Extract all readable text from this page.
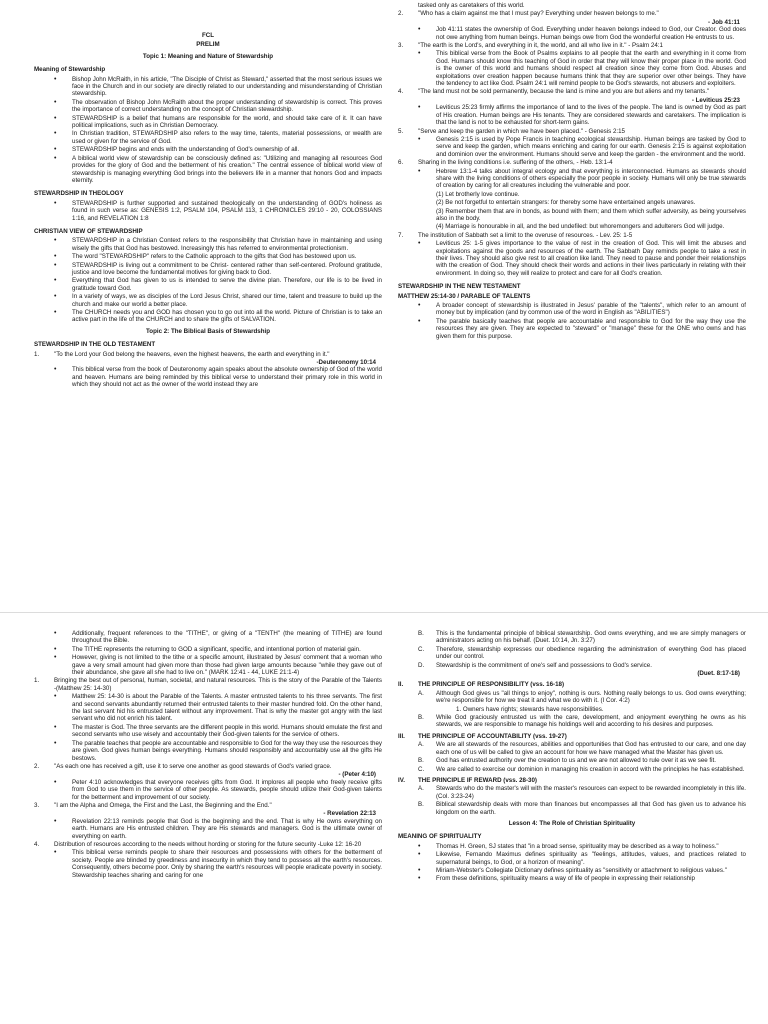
FCL
PRELIM
Topic 1: Meaning and Nature of Stewardship
Meaning of Stewardship
• Bishop John McRaith, in his article, "The Disciple of Christ as Steward," asserted that the most serious issues we face in the Church and in our society are directly related to our understanding and misunderstanding of Christian stewardship.
• The observation of Bishop John McRaith about the proper understanding of stewardship is correct. This proves the importance of correct understanding on the concept of Christian stewardship.
• STEWARDSHIP is a belief that humans are responsible for the world, and should take care of it. It can have political implications, such as in Christian Democracy.
• In Christian tradition, STEWARDSHIP also refers to the way time, talents, material possessions, or wealth are used or given for the service of God.
• STEWARDSHIP begins and ends with the understanding of God's ownership of all.
• A biblical world view of stewardship can be consciously defined as: "Utilizing and managing all resources God provides for the glory of God and the betterment of his creation." The central essence of biblical world view of stewardship is managing everything God brings into the believers life in a manner that honors God and impacts eternity.
STEWARDSHIP IN THEOLOGY
• STEWARDSHIP is further supported and sustained theologically on the understanding of GOD's holiness as found in such verse as: GENESIS 1:2, PSALM 104, PSALM 113, 1 CHRONICLES 29:10 - 20, COLOSSIANS 1:16, and REVELATION 1:8
CHRISTIAN VIEW OF STEWARDSHIP
• STEWARDSHIP in a Christian Context refers to the responsibility that Christian have in maintaining and using wisely the gifts that God has bestowed. Increasingly this has referred to environmental protectionism.
• The word "STEWARDSHIP" refers to the Catholic approach to the gifts that God has bestowed upon us.
• STEWARDSHIP is living out a commitment to be Christ- centered rather than self-centered. Profound gratitude, justice and love become the fundamental motives for giving back to God.
• Everything that God has given to us is intended to serve the divine plan. Therefore, our life is to be lived in gratitude toward God.
• In a variety of ways, we as disciples of the Lord Jesus Christ, shared our time, talent and treasure to build up the church and make our world a better place.
• The CHURCH needs you and GOD has chosen you to go out into all the world. Picture of Christian is to take an active part in the life of the CHURCH and to share the gifts of SALVATION.
Topic 2: The Biblical Basis of Stewardship
STEWARDSHIP IN THE OLD TESTAMENT
1. "To the Lord your God belong the heavens, even the highest heavens, the earth and everything in it."
-Deuteronomy 10:14
• This biblical verse from the book of Deuteronomy again speaks about the absolute ownership of God of the world and heaven. Humans are being reminded by this biblical verse to understand their primary role in this world in which they should not act as the owner of the world instead they are
tasked only as caretakers of this world.
2. "Who has a claim against me that I must pay? Everything under heaven belongs to me."
- Job 41:11
• Job 41:11 states the ownership of God. Everything under heaven belongs indeed to God, our Creator. God does not owe anything from human beings. Human beings owe from God the wonderful creation He entrusts to us.
3. "The earth is the Lord's, and everything in it, the world, and all who live in it." - Psalm 24:1
• This biblical verse from the Book of Psalms explains to all people that the earth and everything in it come from God. Humans should know this teaching of God in order that they will know their proper place in the world. God is the owner of this world and humans should respect all creation since they come from God. Abuses and exploitations over creation happen because humans think that they are superior over other beings. They have the tendency to act like God. Psalm 24:1 will remind people to be God's stewards, not abusers and exploiters.
4. "The land must not be sold permanently, because the land is mine and you are but aliens and my tenants."
- Leviticus 25:23
• Leviticus 25:23 firmly affirms the importance of land to the lives of the people. The land is owned by God as part of His creation. Human beings are His tenants. They are considered stewards and caretakers. The implication is that the land is not to be exhausted for short-term gains.
5. "Serve and keep the garden in which we have been placed." - Genesis 2:15
• Genesis 2:15 is used by Pope Francis in teaching ecological stewardship. Human beings are tasked by God to serve and keep the garden, which means enriching and caring for our earth. Genesis 2:15 is against exploitation and dominion over the environment. Humans should serve and keep the garden - the environment and the world.
6. Sharing in the living conditions i.e. suffering of the others, - Heb. 13:1-4
• Hebrew 13:1-4 talks about integral ecology and that everything is interconnected. Humans as stewards should share with the living conditions of others especially the poor people in society. Humans will only be true stewards of creation by caring for all creatures including the vulnerable and poor.
(1) Let brotherly love continue.
(2) Be not forgetful to entertain strangers: for thereby some have entertained angels unawares.
(3) Remember them that are in bonds, as bound with them; and them which suffer adversity, as being yourselves also in the body.
(4) Marriage is honourable in all, and the bed undefiled: but whoremongers and adulterers God will judge.
7. The institution of Sabbath set a limit to the overuse of resources. - Lev. 25: 1-5
• Leviticus 25: 1-5 gives importance to the value of rest in the creation of God. This will limit the abuses and exploitations against the goods and resources of the earth. The Sabbath Day reminds people to take a rest in their lives. They should also give rest to all creation like land. They need to pause and ponder their relationships with the creation of God. They should check their words and actions in their lives particularly in relating with their environment. In doing so, they will realize to protect and care for all God's creation.
STEWARDSHIP IN THE NEW TESTAMENT
MATTHEW 25:14-30 / PARABLE OF TALENTS
• A broader concept of stewardship is illustrated in Jesus' parable of the "talents", which refer to an amount of money but by implication (and by common use of the word in English as "ABILITIES")
• The parable basically teaches that people are accountable and responsible to God for the way they use the resources they are given. They are expected to "steward" or "manage" these for the ONE who owns and has given them for this purpose.
• Additionally, frequent references to the "TITHE", or giving of a "TENTH" (the meaning of TITHE) are found throughout the Bible.
• The TITHE represents the returning to GOD a significant, specific, and intentional portion of material gain.
• However, giving is not limited to the tithe or a specific amount, illustrated by Jesus' comment that a woman who gave a very small amount had given more than those had given large amounts because "while they gave out of their abundance, she gave all she had to live on." (MARK 12:41 - 44, LUKE 21:1-4)
1. Bringing the best out of personal, human, societal, and natural resources. This is the story of the Parable of the Talents -(Matthew 25: 14-30)
• Matthew 25: 14-30 is about the Parable of the Talents. A master entrusted talents to his three servants. The first and second servants abundantly returned their entrusted talents to their master hundred fold. On the other hand, the last servant hid his entrusted talent without any improvement. That is why the master got angry with the last servant who did not enrich his talent.
• The master is God. The three servants are the different people in this world. Humans should emulate the first and second servants who use wisely and accountably their God-given talents for the service of others.
• The parable teaches that people are accountable and responsible to God for the way they use the resources they are given. God gives human beings everything. Humans should responsibly and accountably use all the gifts He bestows.
2. "As each one has received a gift, use it to serve one another as good stewards of God's varied grace.
- (Peter 4:10)
• Peter 4:10 acknowledges that everyone receives gifts from God. It implores all people who freely receive gifts from God to use them in the service of other people. As stewards, people should utilize their God-given talents for the betterment and improvement of our society.
3. "I am the Alpha and Omega, the First and the Last, the Beginning and the End."
- Revelation 22:13
• Revelation 22:13 reminds people that God is the beginning and the end. That is why He owns everything on earth. Humans are His entrusted children. They are His stewards and managers. God is the ultimate owner of everything on earth.
4. Distribution of resources according to the needs without hording or storing for the future security -Luke 12: 16-20
• This biblical verse reminds people to share their resources and possessions with others for the betterment of society. People are blinded by greediness and insecurity in which they tend to possess all the earth's resources. Consequently, others become poor. Only by sharing the earth's resources will people eradicate poverty in society. Stewardship teaches sharing and caring for one
B. This is the fundamental principle of biblical stewardship. God owns everything, and we are simply managers or administrators acting on his behalf. (Duet. 10:14, Jn. 3:27)
C. Therefore, stewardship expresses our obedience regarding the administration of everything God has placed under our control.
D. Stewardship is the commitment of one's self and possessions to God's service.
(Duet. 8:17-18)
II. THE PRINCIPLE OF RESPONSIBILITY (vss. 16-18)
A. Although God gives us "all things to enjoy", nothing is ours. Nothing really belongs to us. God owns everything; we're responsible for how we treat it and what we do with it. (I Cor. 4:2)
1. Owners have rights; stewards have responsibilities.
B. While God graciously entrusted us with the care, development, and enjoyment everything he owns as his stewards, we are responsible to manage his holdings well and according to his desires and purposes.
III. THE PRINCIPLE OF ACCOUNTABILITY (vss. 19-27)
A. We are all stewards of the resources, abilities and opportunities that God has entrusted to our care, and one day each one of us will be called to give an account for how we have managed what the Master has given us.
B. God has entrusted authority over the creation to us and we are not allowed to rule over it as we see fit.
C. We are called to exercise our dominion in managing his creation in accord with the principles he has established.
IV. THE PRINCIPLE IF REWARD (vss. 28-30)
A. Stewards who do the master's will with the master's resources can expect to be rewarded incompletely in this life. (Col. 3:23-24)
B. Biblical stewardship deals with more than finances but encompasses all that God has given us to advance his kingdom on the earth.
Lesson 4: The Role of Christian Spirituality
MEANING OF SPIRITUALITY
• Thomas H. Green, SJ states that "in a broad sense, spirituality may be described as a way to holiness."
• Likewise, Fernando Maximus defines spirituality as "feelings, attitudes, values, and practices related to supernatural beings, to God, or a horizon of meaning".
• Miriam-Webster's Collegiate Dictionary defines spirituality as "sensitivity or attachment to religious values."
• From these definitions, spirituality means a way of life of people in expressing their relationship
